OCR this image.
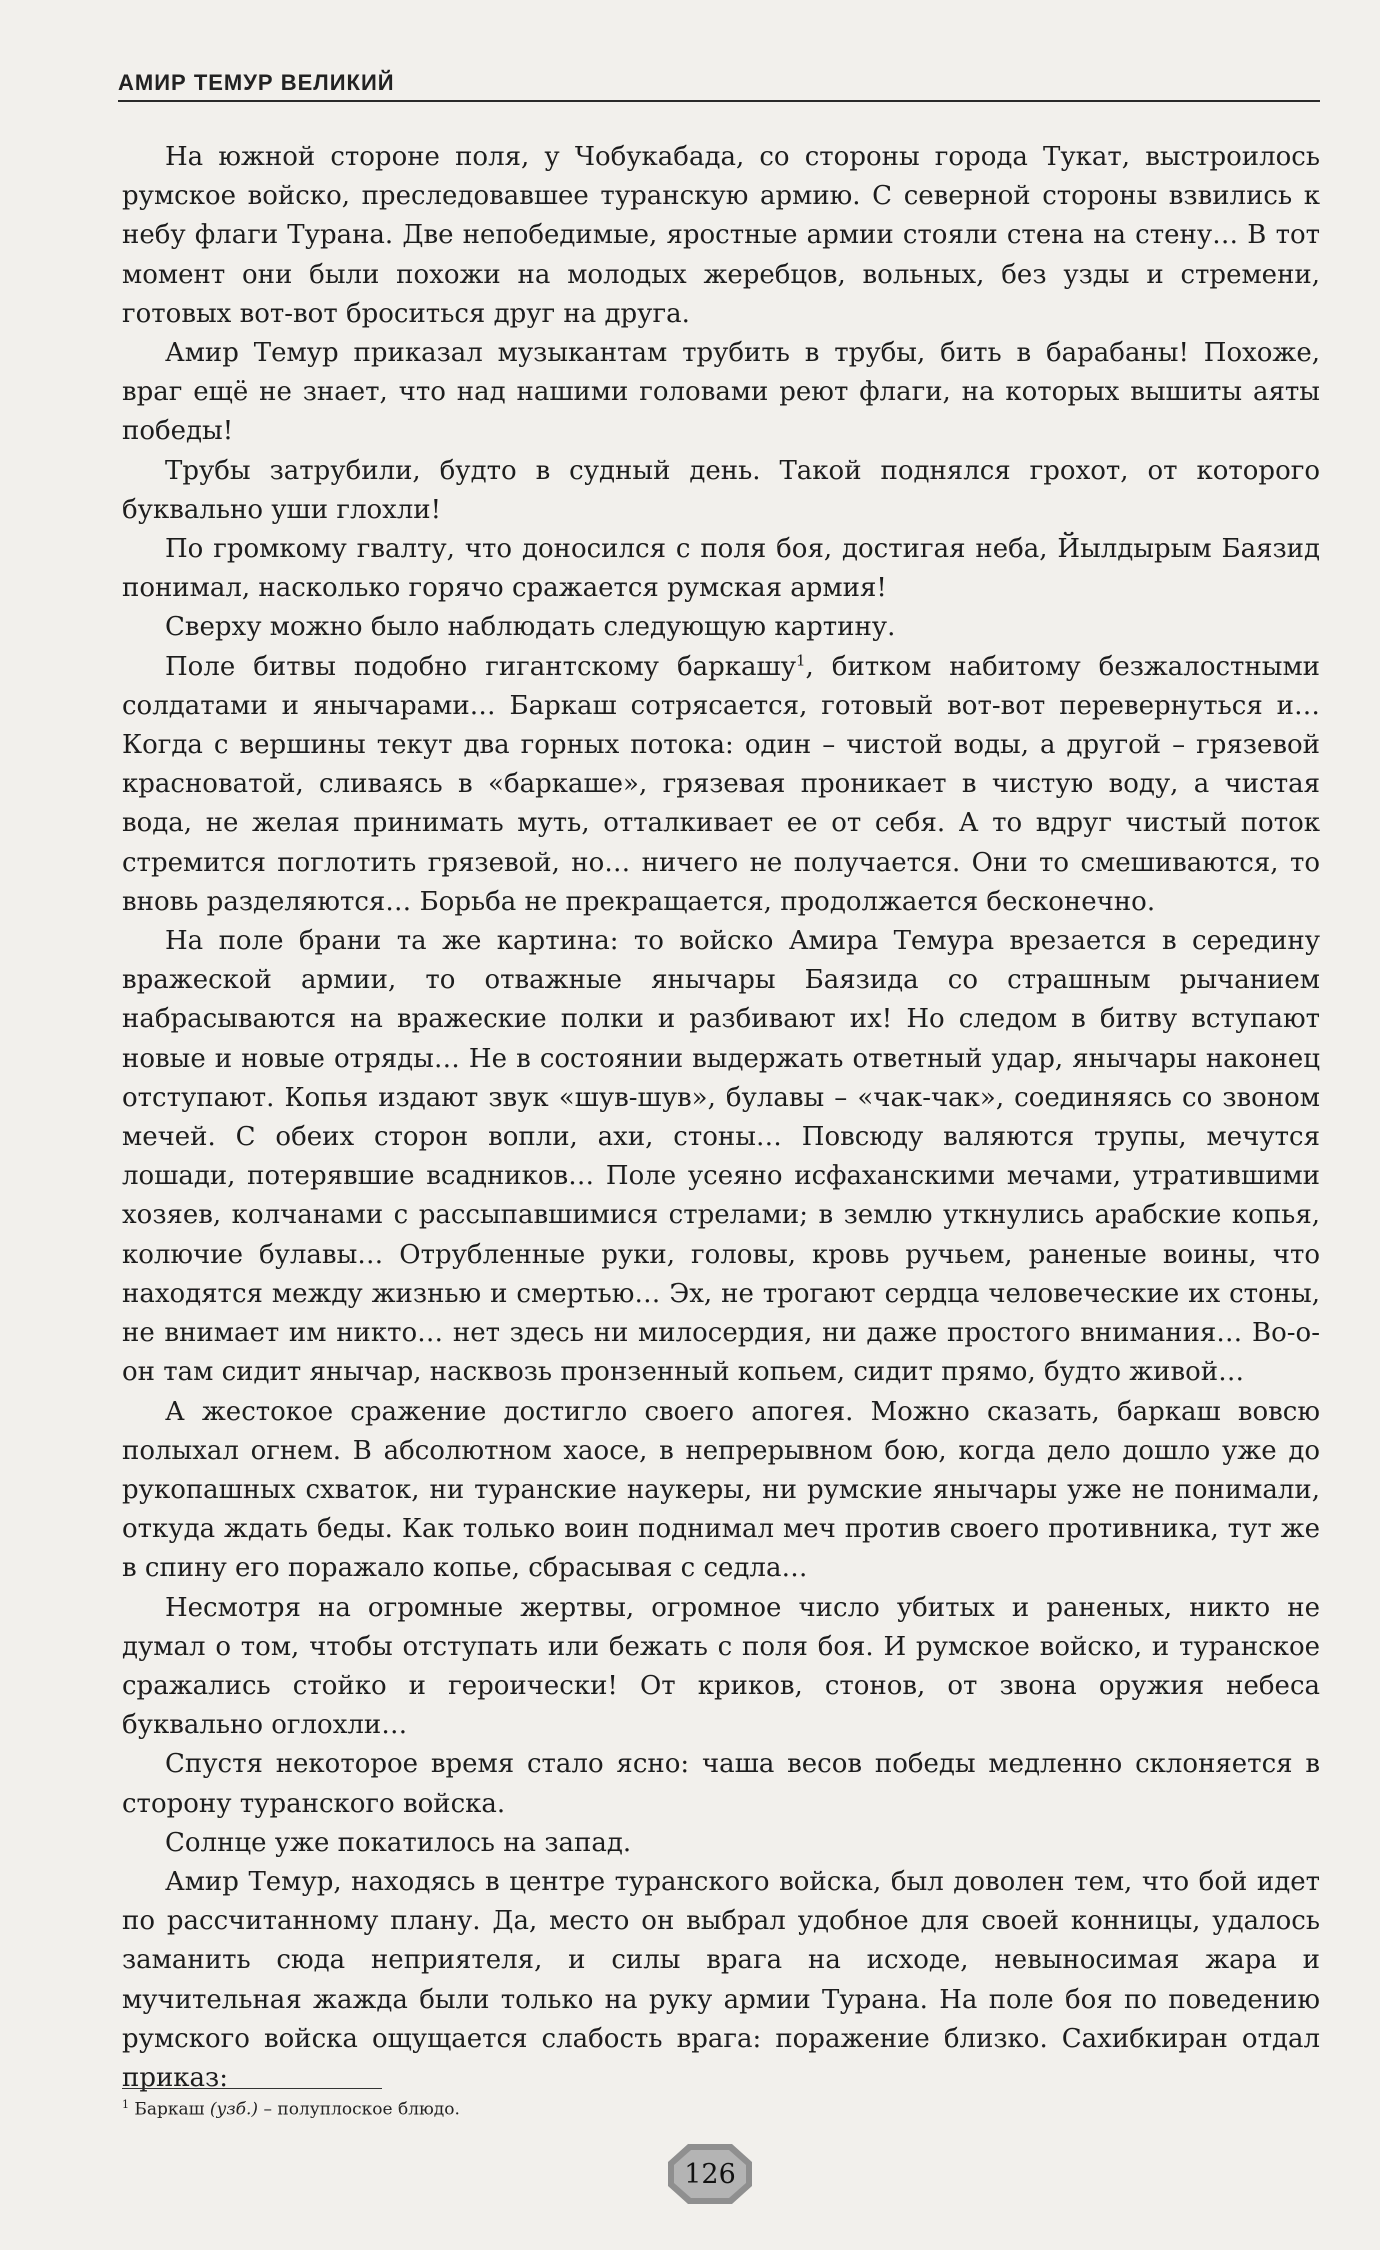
АМИР ТЕМУР ВЕЛИКИЙ

На южной стороне поля, у Чобукабада, со стороны города Тукат, выстроилось румское войско, преследовавшее туранскую армию. С северной стороны взвились к небу флаги Турана. Две непобедимые, яростные армии стояли стена на стену… В тот момент они были похожи на молодых жеребцов, вольных, без узды и стремени, готовых вот-вот броситься друг на друга.

Амир Темур приказал музыкантам трубить в трубы, бить в барабаны! Похоже, враг ещё не знает, что над нашими головами реют флаги, на которых вышиты аяты победы!

Трубы затрубили, будто в судный день. Такой поднялся грохот, от которого буквально уши глохли!

По громкому гвалту, что доносился с поля боя, достигая неба, Йылдырым Баязид понимал, насколько горячо сражается румская армия!

Сверху можно было наблюдать следующую картину.

Поле битвы подобно гигантскому баркашу$^1$, битком набитому безжалостными солдатами и янычарами… Баркаш сотрясается, готовый вот-вот перевернуться и… Когда с вершины текут два горных потока: один – чистой воды, а другой – грязевой красноватой, сливаясь в «баркаше», грязевая проникает в чистую воду, а чистая вода, не желая принимать муть, отталкивает ее от себя. А то вдруг чистый поток стремится поглотить грязевой, но… ничего не получается. Они то смешиваются, то вновь разделяются… Борьба не прекращается, продолжается бесконечно.

На поле брани та же картина: то войско Амира Темура врезается в середину вражеской армии, то отважные янычары Баязида со страшным рычанием набрасываются на вражеские полки и разбивают их! Но следом в битву вступают новые и новые отряды… Не в состоянии выдержать ответный удар, янычары наконец отступают. Копья издают звук «шув-шув», булавы – «чак-чак», соединяясь со звоном мечей. С обеих сторон вопли, ахи, стоны… Повсюду валяются трупы, мечутся лошади, потерявшие всадников… Поле усеяно исфаханскими мечами, утратившими хозяев, колчанами с рассыпавшимися стрелами; в землю уткнулись арабские копья, колючие булавы… Отрубленные руки, головы, кровь ручьем, раненые воины, что находятся между жизнью и смертью… Эх, не трогают сердца человеческие их стоны, не внимает им никто… нет здесь ни милосердия, ни даже простого внимания… Во-о-он там сидит янычар, насквозь пронзенный копьем, сидит прямо, будто живой…

А жестокое сражение достигло своего апогея. Можно сказать, баркаш вовсю полыхал огнем. В абсолютном хаосе, в непрерывном бою, когда дело дошло уже до рукопашных схваток, ни туранские наукеры, ни румские янычары уже не понимали, откуда ждать беды. Как только воин поднимал меч против своего противника, тут же в спину его поражало копье, сбрасывая с седла…

Несмотря на огромные жертвы, огромное число убитых и раненых, никто не думал о том, чтобы отступать или бежать с поля боя. И румское войско, и туранское сражались стойко и героически! От криков, стонов, от звона оружия небеса буквально оглохли…

Спустя некоторое время стало ясно: чаша весов победы медленно склоняется в сторону туранского войска.

Солнце уже покатилось на запад.

Амир Темур, находясь в центре туранского войска, был доволен тем, что бой идет по рассчитанному плану. Да, место он выбрал удобное для своей конницы, удалось заманить сюда неприятеля, и силы врага на исходе, невыносимая жара и мучительная жажда были только на руку армии Турана. На поле боя по поведению румского войска ощущается слабость врага: поражение близко. Сахибкиран отдал приказ:

$^1$ Баркаш (узб.) – полуплоское блюдо.
126
